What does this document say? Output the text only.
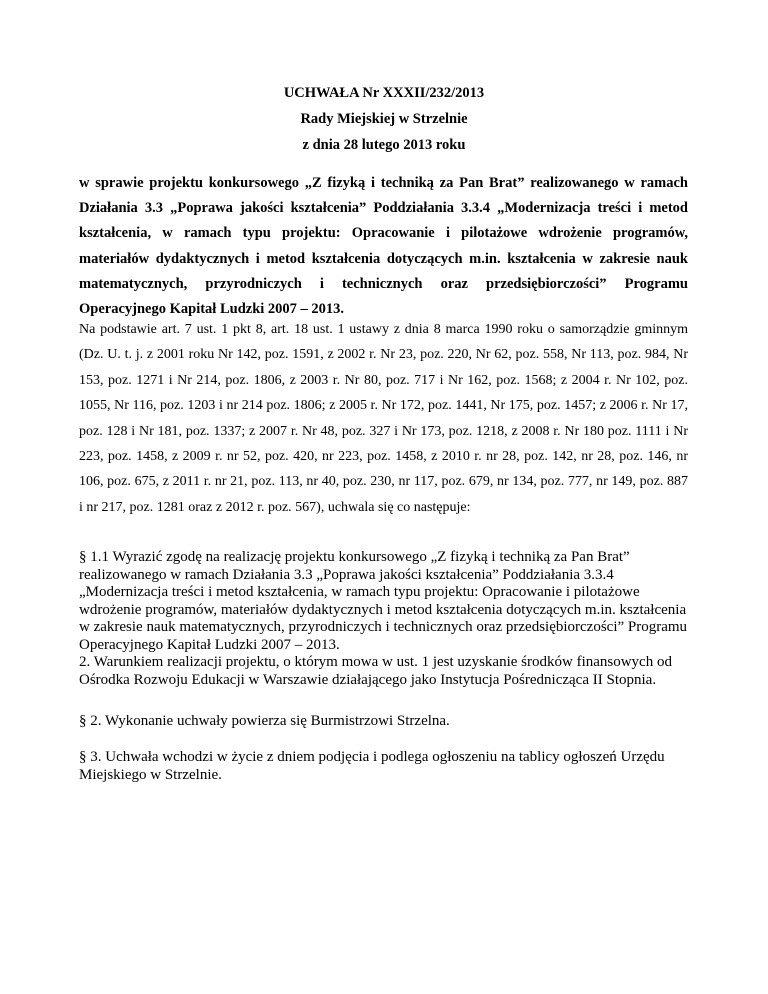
UCHWAŁA Nr XXXII/232/2013
Rady Miejskiej w Strzelnie
z dnia 28 lutego 2013 roku
w sprawie projektu konkursowego „Z fizyką i techniką za Pan Brat” realizowanego w ramach Działania 3.3 „Poprawa jakości kształcenia” Poddziałania 3.3.4 „Modernizacja treści i metod kształcenia, w ramach typu projektu: Opracowanie i pilotażowe wdrożenie programów, materiałów dydaktycznych i metod kształcenia dotyczących m.in. kształcenia w zakresie nauk matematycznych, przyrodniczych i technicznych oraz przedsiębiorczości” Programu Operacyjnego Kapitał Ludzki 2007 – 2013.
Na podstawie art. 7 ust. 1 pkt 8, art. 18 ust. 1 ustawy z dnia 8 marca 1990 roku o samorządzie gminnym (Dz. U. t. j. z 2001 roku Nr 142, poz. 1591, z 2002 r. Nr 23, poz. 220, Nr 62, poz. 558, Nr 113, poz. 984, Nr 153, poz. 1271 i Nr 214, poz. 1806, z 2003 r. Nr 80, poz. 717 i Nr 162, poz. 1568; z 2004 r. Nr 102, poz. 1055, Nr 116, poz. 1203 i nr 214 poz. 1806; z 2005 r. Nr 172, poz. 1441, Nr 175, poz. 1457; z 2006 r. Nr 17, poz. 128 i Nr 181, poz. 1337; z 2007 r. Nr 48, poz. 327 i Nr 173, poz. 1218, z 2008 r. Nr 180 poz. 1111 i Nr 223, poz. 1458, z 2009 r. nr 52, poz. 420, nr 223, poz. 1458, z 2010 r. nr 28, poz. 142, nr 28, poz. 146, nr 106, poz. 675, z 2011 r. nr 21, poz. 113, nr 40, poz. 230, nr 117, poz. 679, nr 134, poz. 777, nr 149, poz. 887 i nr 217, poz. 1281 oraz z 2012 r. poz. 567), uchwala się co następuje:
§ 1.1 Wyrazić zgodę na realizację projektu konkursowego „Z fizyką i techniką za Pan Brat” realizowanego w ramach Działania 3.3 „Poprawa jakości kształcenia” Poddziałania 3.3.4 „Modernizacja treści i metod kształcenia, w ramach typu projektu: Opracowanie i pilotażowe wdrożenie programów, materiałów dydaktycznych i metod kształcenia dotyczących m.in. kształcenia w zakresie nauk matematycznych, przyrodniczych i technicznych oraz przedsiębiorczości” Programu Operacyjnego Kapitał Ludzki 2007 – 2013.
2. Warunkiem realizacji projektu, o którym mowa w ust. 1 jest uzyskanie środków finansowych od Ośrodka Rozwoju Edukacji w Warszawie działającego jako Instytucja Pośrednicząca II Stopnia.
§ 2. Wykonanie uchwały powierza się Burmistrzowi Strzelna.
§ 3. Uchwała wchodzi w życie z dniem podjęcia i podlega ogłoszeniu na tablicy ogłoszeń Urzędu Miejskiego w Strzelnie.
